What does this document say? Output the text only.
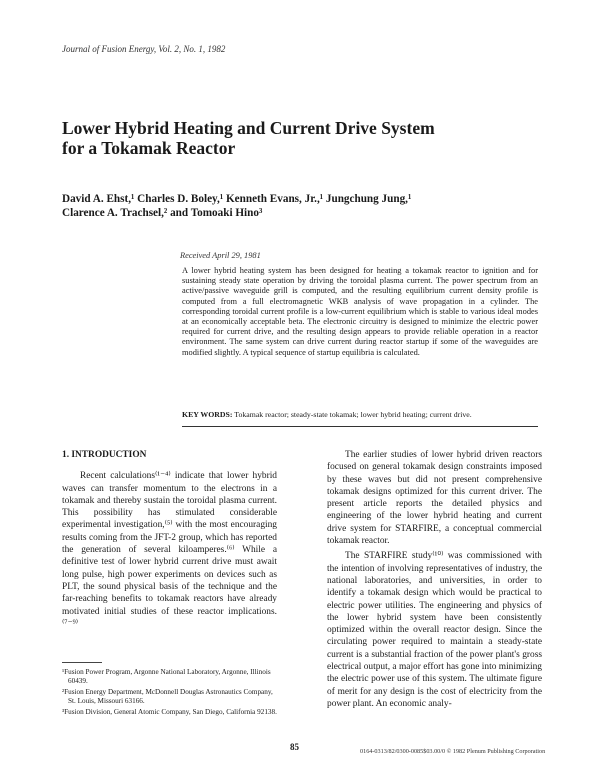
Journal of Fusion Energy, Vol. 2, No. 1, 1982
Lower Hybrid Heating and Current Drive System
for a Tokamak Reactor
David A. Ehst,¹ Charles D. Boley,¹ Kenneth Evans, Jr.,¹ Jungchung Jung,¹
Clarence A. Trachsel,² and Tomoaki Hino³
Received April 29, 1981
A lower hybrid heating system has been designed for heating a tokamak reactor to ignition and for sustaining steady state operation by driving the toroidal plasma current. The power spectrum from an active/passive waveguide grill is computed, and the resulting equilibrium current density profile is computed from a full electromagnetic WKB analysis of wave propagation in a cylinder. The corresponding toroidal current profile is a low-current equilibrium which is stable to various ideal modes at an economically acceptable beta. The electronic circuitry is designed to minimize the electric power required for current drive, and the resulting design appears to provide reliable operation in a reactor environment. The same system can drive current during reactor startup if some of the waveguides are modified slightly. A typical sequence of startup equilibria is calculated.
KEY WORDS: Tokamak reactor; steady-state tokamak; lower hybrid heating; current drive.
1. INTRODUCTION

Recent calculations⁽¹⁻⁴⁾ indicate that lower hybrid waves can transfer momentum to the electrons in a tokamak and thereby sustain the toroidal plasma current. This possibility has stimulated considerable experimental investigation,⁽⁵⁾ with the most encouraging results coming from the JFT-2 group, which has reported the generation of several kiloamperes.⁽⁶⁾ While a definitive test of lower hybrid current drive must await long pulse, high power experiments on devices such as PLT, the sound physical basis of the technique and the far-reaching benefits to tokamak reactors have already motivated initial studies of these reactor implications.⁽⁷⁻⁹⁾

The earlier studies of lower hybrid driven reactors focused on general tokamak design constraints imposed by these waves but did not present comprehensive tokamak designs optimized for this current driver. The present article reports the detailed physics and engineering of the lower hybrid heating and current drive system for STARFIRE, a conceptual commercial tokamak reactor.

The STARFIRE study⁽¹⁰⁾ was commissioned with the intention of involving representatives of industry, the national laboratories, and universities, in order to identify a tokamak design which would be practical to electric power utilities. The engineering and physics of the lower hybrid system have been consistently optimized within the overall reactor design. Since the circulating power required to maintain a steady-state current is a substantial fraction of the power plant's gross electrical output, a major effort has gone into minimizing the electric power use of this system. The ultimate figure of merit for any design is the cost of electricity from the power plant. An economic analy-

¹Fusion Power Program, Argonne National Laboratory, Argonne, Illinois 60439.

²Fusion Energy Department, McDonnell Douglas Astronautics Company, St. Louis, Missouri 63166.

³Fusion Division, General Atomic Company, San Diego, California 92138.

85	0164-0313/82/0300-0085$03.00/0 © 1982 Plenum Publishing Corporation
